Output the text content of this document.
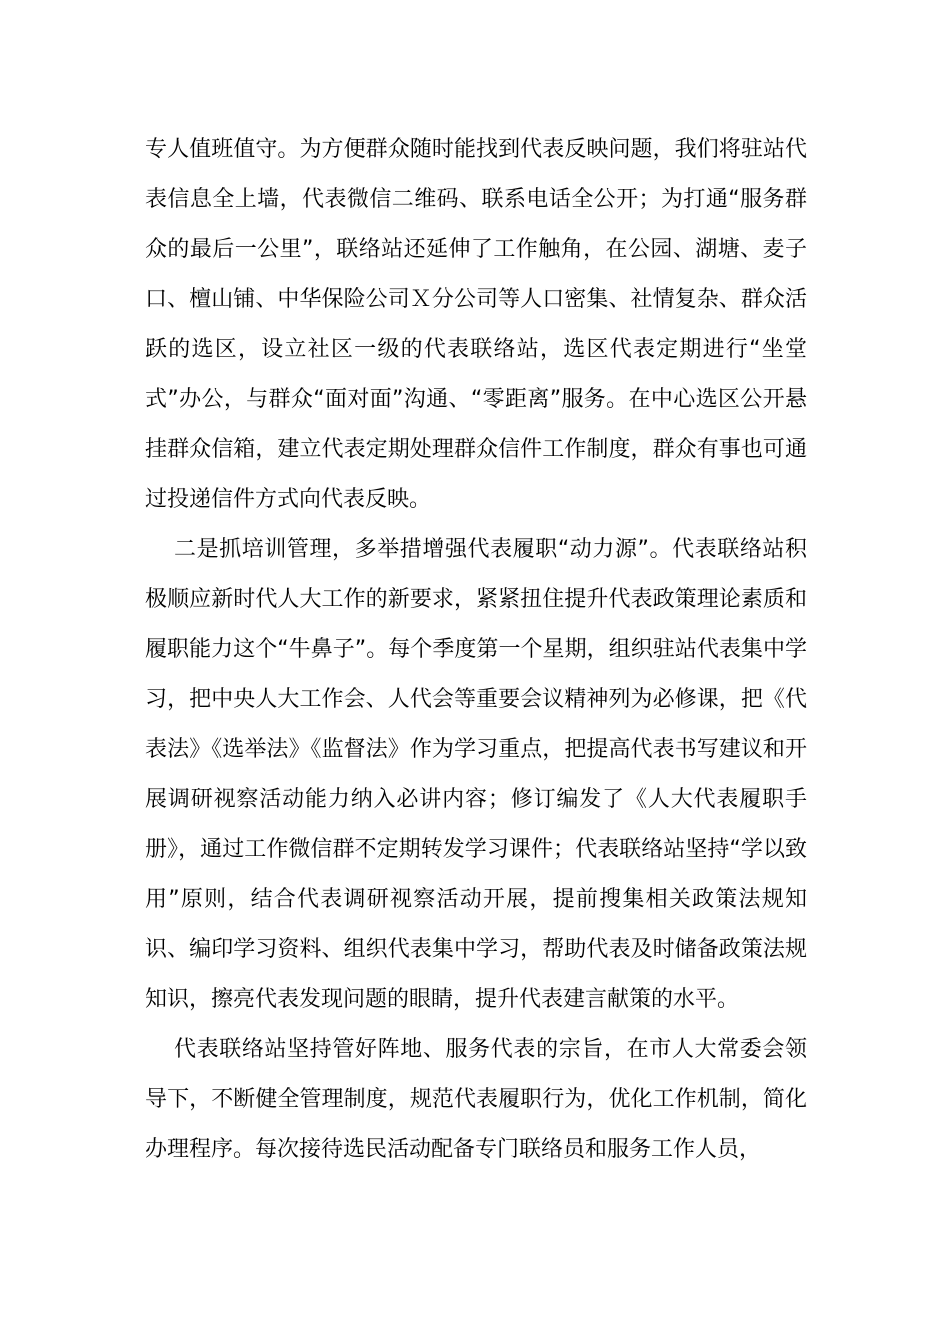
专人值班值守。为方便群众随时能找到代表反映问题，我们将驻站代表信息全上墙，代表微信二维码、联系电话全公开；为打通“服务群众的最后一公里”，联络站还延伸了工作触角，在公园、湖塘、麦子口、檀山铺、中华保险公司Ｘ分公司等人口密集、社情复杂、群众活跃的选区，设立社区一级的代表联络站，选区代表定期进行“坐堂式”办公，与群众“面对面”沟通、“零距离”服务。在中心选区公开悬挂群众信箱，建立代表定期处理群众信件工作制度，群众有事也可通过投递信件方式向代表反映。

二是抓培训管理，多举措增强代表履职“动力源”。代表联络站积极顺应新时代人大工作的新要求，紧紧扭住提升代表政策理论素质和履职能力这个“牛鼻子”。每个季度第一个星期，组织驻站代表集中学习，把中央人大工作会、人代会等重要会议精神列为必修课，把《代表法》《选举法》《监督法》作为学习重点，把提高代表书写建议和开展调研视察活动能力纳入必讲内容；修订编发了《人大代表履职手册》，通过工作微信群不定期转发学习课件；代表联络站坚持“学以致用”原则，结合代表调研视察活动开展，提前搜集相关政策法规知识、编印学习资料、组织代表集中学习，帮助代表及时储备政策法规知识，擦亮代表发现问题的眼睛，提升代表建言献策的水平。

代表联络站坚持管好阵地、服务代表的宗旨，在市人大常委会领导下，不断健全管理制度，规范代表履职行为，优化工作机制，简化办理程序。每次接待选民活动配备专门联络员和服务工作人员，
